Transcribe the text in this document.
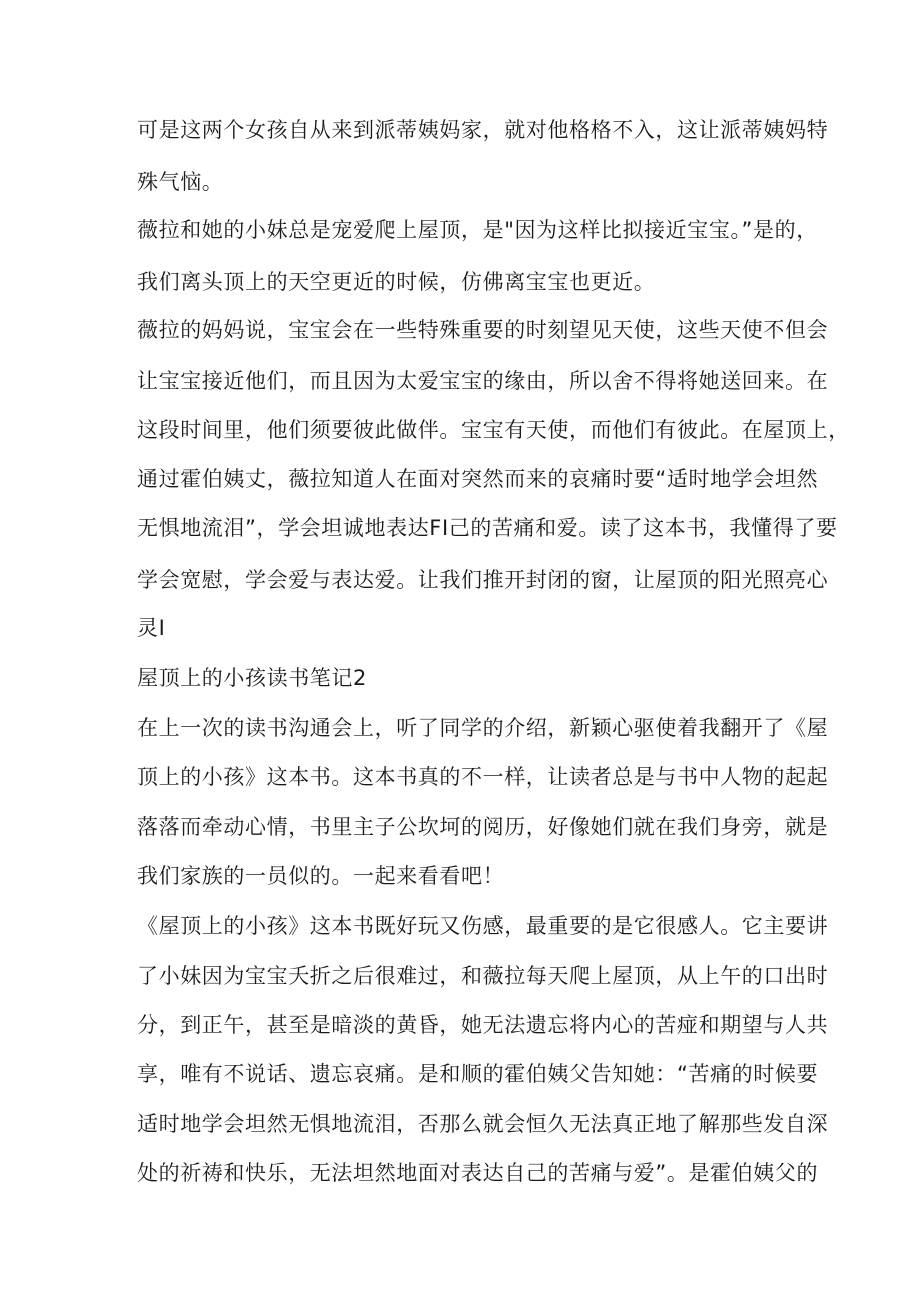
可是这两个女孩自从来到派蒂姨妈家，就对他格格不入，这让派蒂姨妈特
殊气恼。
薇拉和她的小妹总是宠爱爬上屋顶，是"因为这样比拟接近宝宝。”是的，
我们离头顶上的天空更近的时候，仿佛离宝宝也更近。
薇拉的妈妈说，宝宝会在一些特殊重要的时刻望见天使，这些天使不但会
让宝宝接近他们，而且因为太爱宝宝的缘由，所以舍不得将她送回来。在
这段时间里，他们须要彼此做伴。宝宝有天使，而他们有彼此。在屋顶上，
通过霍伯姨丈，薇拉知道人在面对突然而来的哀痛时要“适时地学会坦然
无惧地流泪”，学会坦诚地表达FI己的苦痛和爱。读了这本书，我懂得了要
学会宽慰，学会爱与表达爱。让我们推开封闭的窗，让屋顶的阳光照亮心
灵I
屋顶上的小孩读书笔记2
在上一次的读书沟通会上，听了同学的介绍，新颖心驱使着我翻开了《屋
顶上的小孩》这本书。这本书真的不一样，让读者总是与书中人物的起起
落落而牵动心情，书里主子公坎坷的阅历，好像她们就在我们身旁，就是
我们家族的一员似的。一起来看看吧！
《屋顶上的小孩》这本书既好玩又伤感，最重要的是它很感人。它主要讲
了小妹因为宝宝夭折之后很难过，和薇拉每天爬上屋顶，从上午的口出时
分，到正午，甚至是暗淡的黄昏，她无法遗忘将内心的苦痖和期望与人共
享，唯有不说话、遗忘哀痛。是和顺的霍伯姨父告知她：“苦痛的时候要
适时地学会坦然无惧地流泪，否那么就会恒久无法真正地了解那些发自深
处的祈祷和快乐，无法坦然地面对表达自己的苦痛与爱”。是霍伯姨父的
